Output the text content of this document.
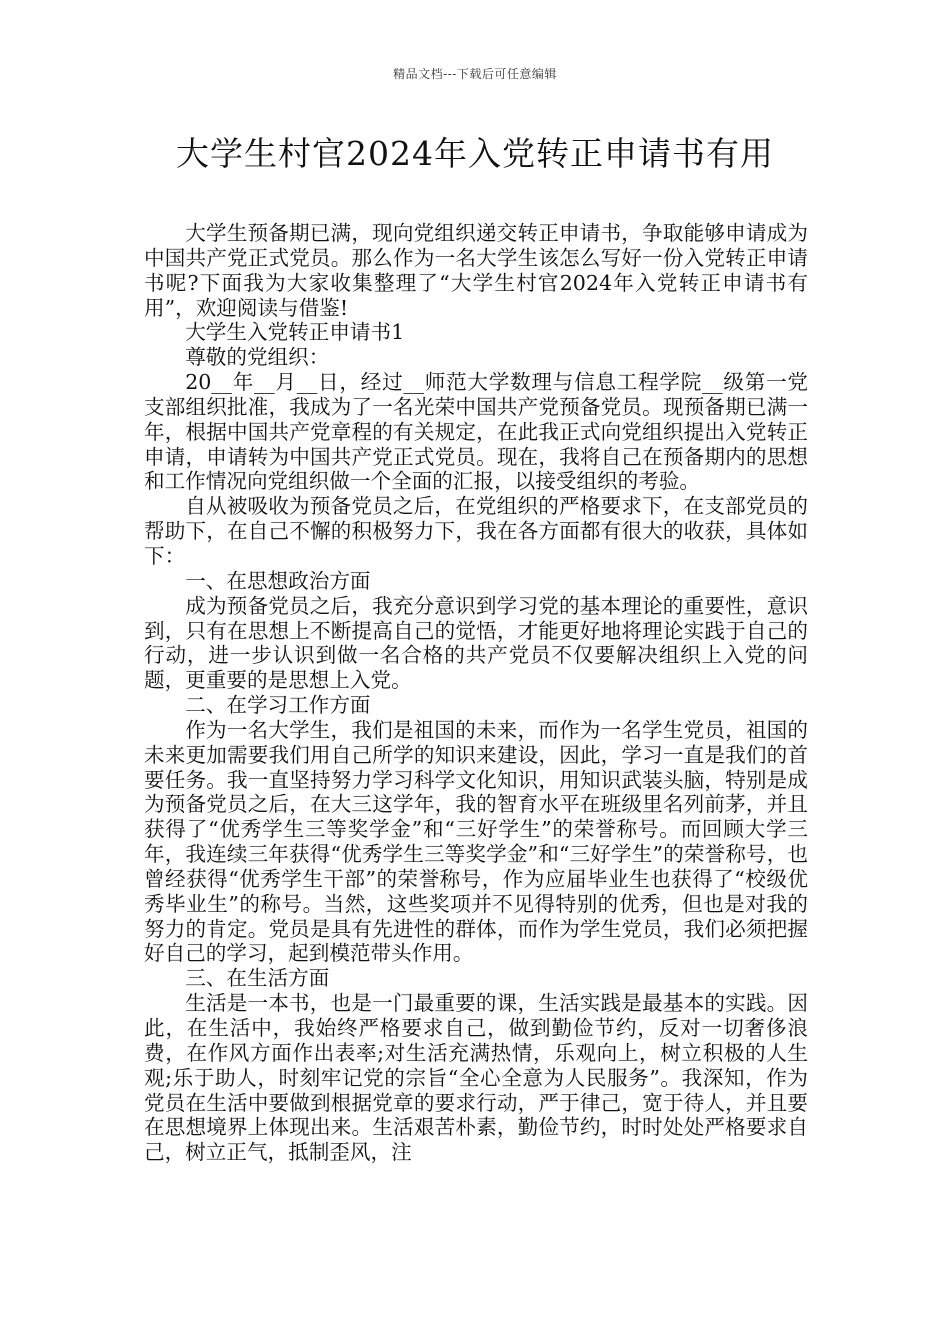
精品文档---下载后可任意编辑
大学生村官2024年入党转正申请书有用

大学生预备期已满，现向党组织递交转正申请书，争取能够申请成为中国共产党正式党员。那么作为一名大学生该怎么写好一份入党转正申请书呢?下面我为大家收集整理了“大学生村官2024年入党转正申请书有用”，欢迎阅读与借鉴!

大学生入党转正申请书1

尊敬的党组织：

20__年__月__日，经过__师范大学数理与信息工程学院__级第一党支部组织批准，我成为了一名光荣中国共产党预备党员。现预备期已满一年，根据中国共产党章程的有关规定，在此我正式向党组织提出入党转正申请，申请转为中国共产党正式党员。现在，我将自己在预备期内的思想和工作情况向党组织做一个全面的汇报，以接受组织的考验。

自从被吸收为预备党员之后，在党组织的严格要求下，在支部党员的帮助下，在自己不懈的积极努力下，我在各方面都有很大的收获，具体如下：

一、在思想政治方面

成为预备党员之后，我充分意识到学习党的基本理论的重要性，意识到，只有在思想上不断提高自己的觉悟，才能更好地将理论实践于自己的行动，进一步认识到做一名合格的共产党员不仅要解决组织上入党的问题，更重要的是思想上入党。

二、在学习工作方面

作为一名大学生，我们是祖国的未来，而作为一名学生党员，祖国的未来更加需要我们用自己所学的知识来建设，因此，学习一直是我们的首要任务。我一直坚持努力学习科学文化知识，用知识武装头脑，特别是成为预备党员之后，在大三这学年，我的智育水平在班级里名列前茅，并且获得了“优秀学生三等奖学金”和“三好学生”的荣誉称号。而回顾大学三年，我连续三年获得“优秀学生三等奖学金”和“三好学生”的荣誉称号，也曾经获得“优秀学生干部”的荣誉称号，作为应届毕业生也获得了“校级优秀毕业生”的称号。当然，这些奖项并不见得特别的优秀，但也是对我的努力的肯定。党员是具有先进性的群体，而作为学生党员，我们必须把握好自己的学习，起到模范带头作用。

三、在生活方面

生活是一本书，也是一门最重要的课，生活实践是最基本的实践。因此，在生活中，我始终严格要求自己，做到勤俭节约，反对一切奢侈浪费，在作风方面作出表率;对生活充满热情，乐观向上，树立积极的人生观;乐于助人，时刻牢记党的宗旨“全心全意为人民服务”。我深知，作为党员在生活中要做到根据党章的要求行动，严于律己，宽于待人，并且要在思想境界上体现出来。生活艰苦朴素，勤俭节约，时时处处严格要求自己，树立正气，抵制歪风，注
